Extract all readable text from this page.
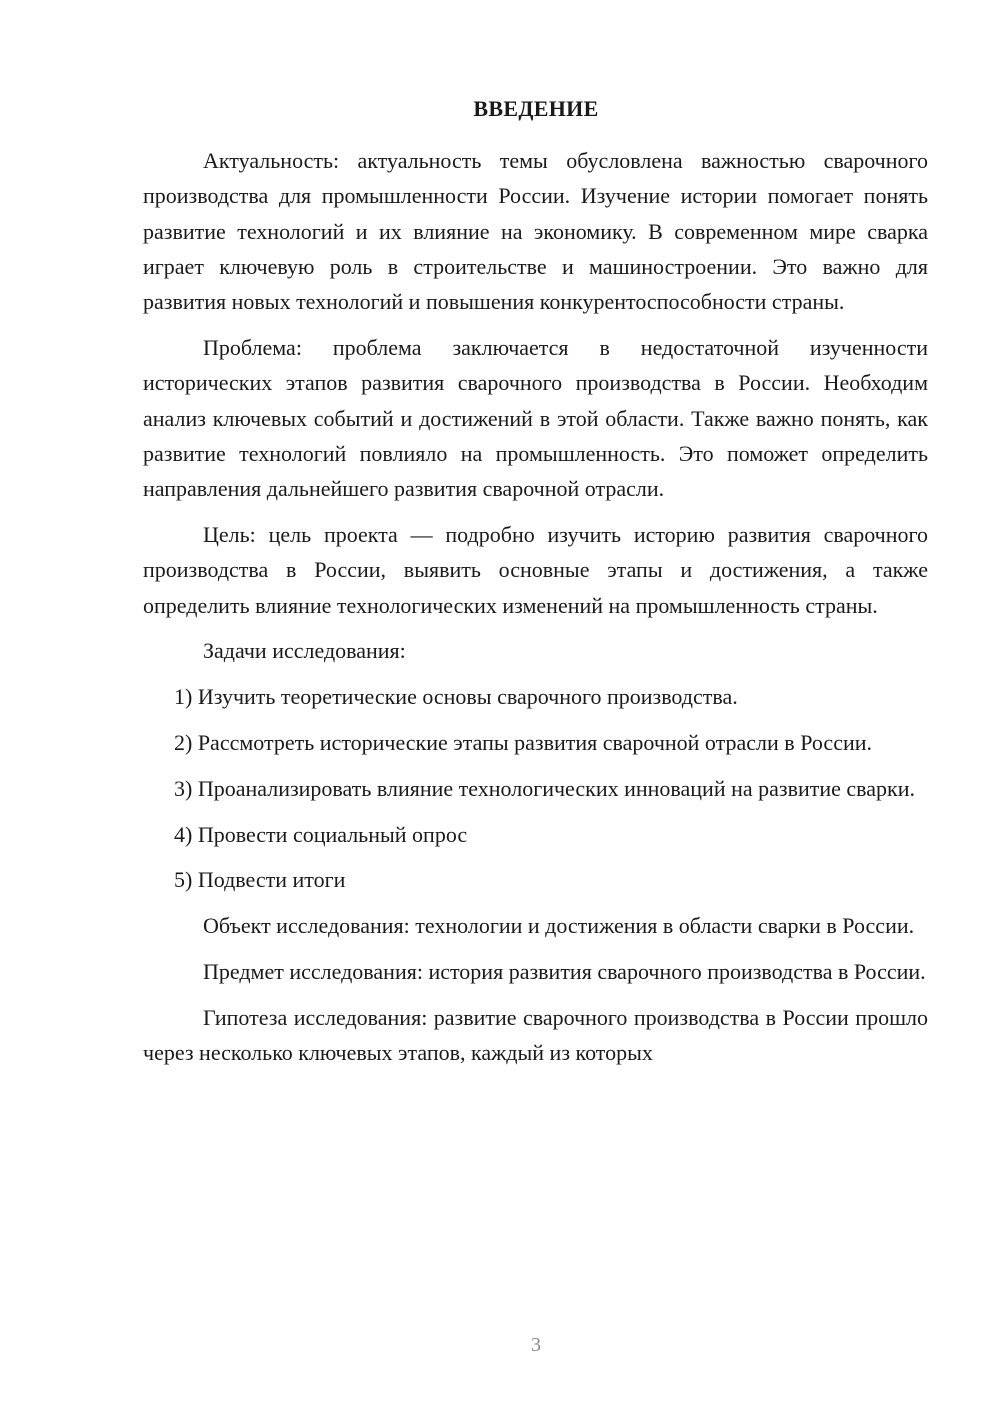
ВВЕДЕНИЕ

Актуальность: актуальность темы обусловлена важностью сварочного производства для промышленности России. Изучение истории помогает понять развитие технологий и их влияние на экономику. В современном мире сварка играет ключевую роль в строительстве и машиностроении. Это важно для развития новых технологий и повышения конкурентоспособности страны.

Проблема: проблема заключается в недостаточной изученности исторических этапов развития сварочного производства в России. Необходим анализ ключевых событий и достижений в этой области. Также важно понять, как развитие технологий повлияло на промышленность. Это поможет определить направления дальнейшего развития сварочной отрасли.

Цель: цель проекта — подробно изучить историю развития сварочного производства в России, выявить основные этапы и достижения, а также определить влияние технологических изменений на промышленность страны.

Задачи исследования:

1) Изучить теоретические основы сварочного производства.

2) Рассмотреть исторические этапы развития сварочной отрасли в России.

3) Проанализировать влияние технологических инноваций на развитие сварки.

4) Провести социальный опрос

5) Подвести итоги

Объект исследования: технологии и достижения в области сварки в России.

Предмет исследования: история развития сварочного производства в России.

Гипотеза исследования: развитие сварочного производства в России прошло через несколько ключевых этапов, каждый из которых

3
